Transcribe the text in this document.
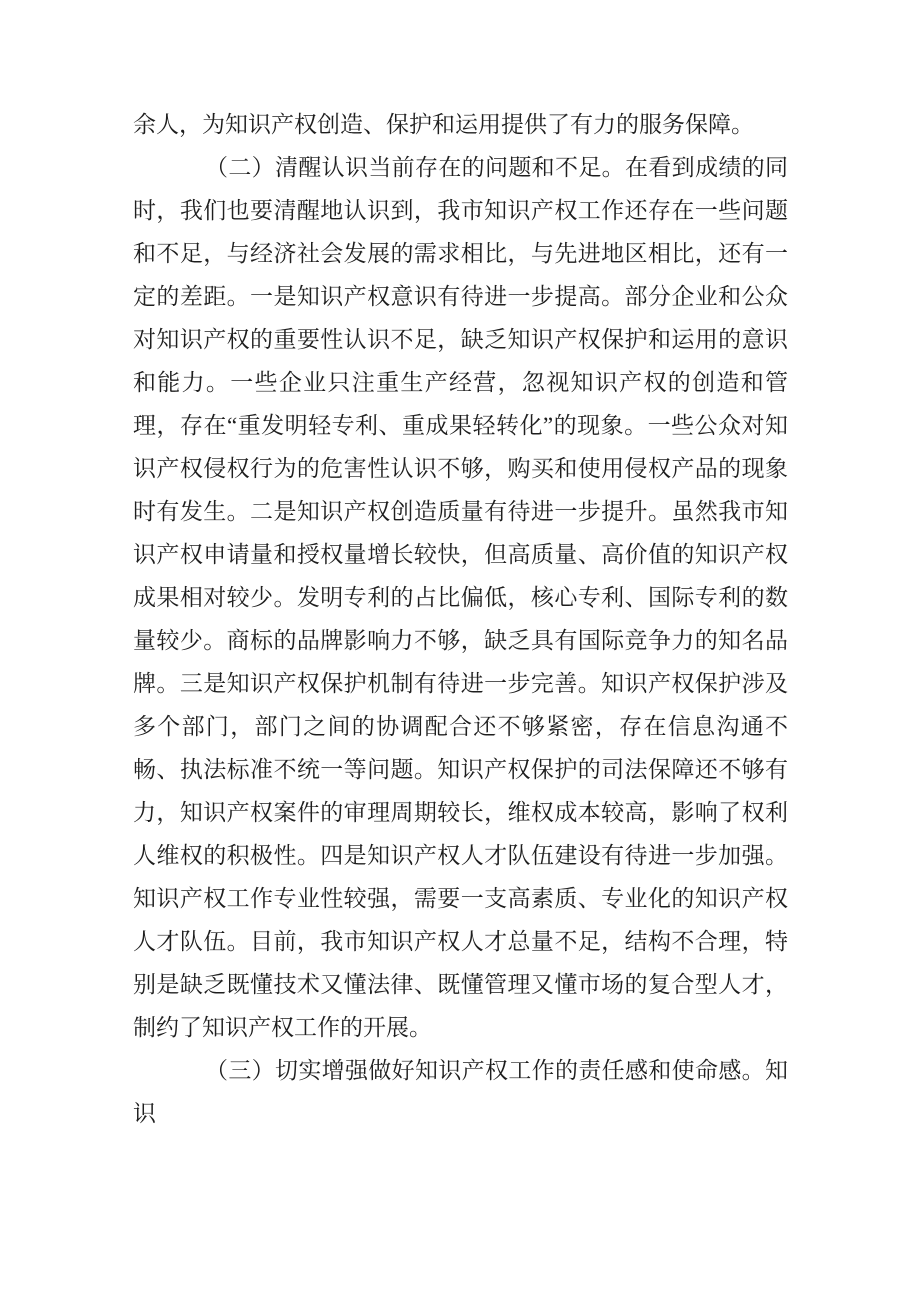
余人，为知识产权创造、保护和运用提供了有力的服务保障。

（二）清醒认识当前存在的问题和不足。在看到成绩的同时，我们也要清醒地认识到，我市知识产权工作还存在一些问题和不足，与经济社会发展的需求相比，与先进地区相比，还有一定的差距。一是知识产权意识有待进一步提高。部分企业和公众对知识产权的重要性认识不足，缺乏知识产权保护和运用的意识和能力。一些企业只注重生产经营，忽视知识产权的创造和管理，存在“重发明轻专利、重成果轻转化”的现象。一些公众对知识产权侵权行为的危害性认识不够，购买和使用侵权产品的现象时有发生。二是知识产权创造质量有待进一步提升。虽然我市知识产权申请量和授权量增长较快，但高质量、高价值的知识产权成果相对较少。发明专利的占比偏低，核心专利、国际专利的数量较少。商标的品牌影响力不够，缺乏具有国际竞争力的知名品牌。三是知识产权保护机制有待进一步完善。知识产权保护涉及多个部门，部门之间的协调配合还不够紧密，存在信息沟通不畅、执法标准不统一等问题。知识产权保护的司法保障还不够有力，知识产权案件的审理周期较长，维权成本较高，影响了权利人维权的积极性。四是知识产权人才队伍建设有待进一步加强。知识产权工作专业性较强，需要一支高素质、专业化的知识产权人才队伍。目前，我市知识产权人才总量不足，结构不合理，特别是缺乏既懂技术又懂法律、既懂管理又懂市场的复合型人才，制约了知识产权工作的开展。

（三）切实增强做好知识产权工作的责任感和使命感。知识
